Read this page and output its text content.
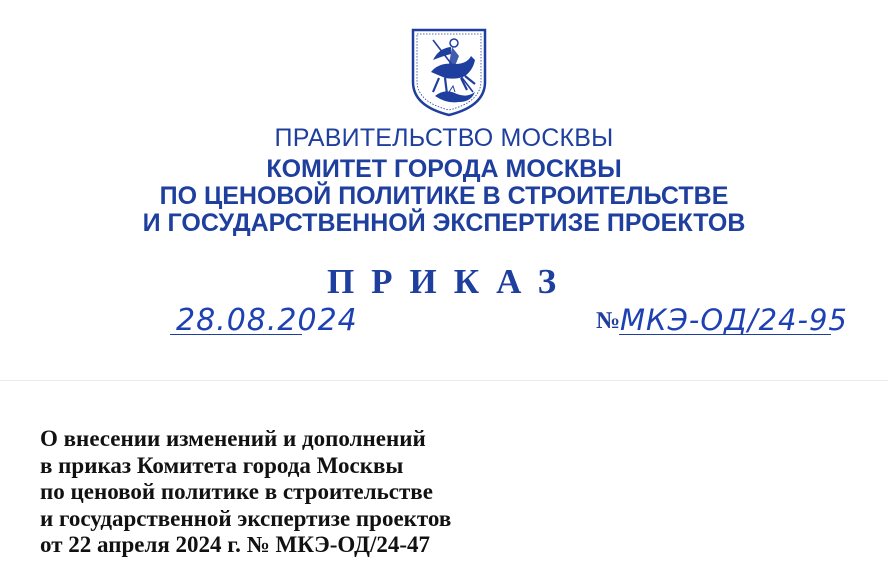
ПРАВИТЕЛЬСТВО МОСКВЫ
КОМИТЕТ ГОРОДА МОСКВЫ
ПО ЦЕНОВОЙ ПОЛИТИКЕ В СТРОИТЕЛЬСТВЕ
И ГОСУДАРСТВЕННОЙ ЭКСПЕРТИЗЕ ПРОЕКТОВ
ПРИКАЗ
28.08.2024	№ МКЭ-ОД/24-95
О внесении изменений и дополнений
в приказ Комитета города Москвы
по ценовой политике в строительстве
и государственной экспертизе проектов
от 22 апреля 2024 г. № МКЭ-ОД/24-47
